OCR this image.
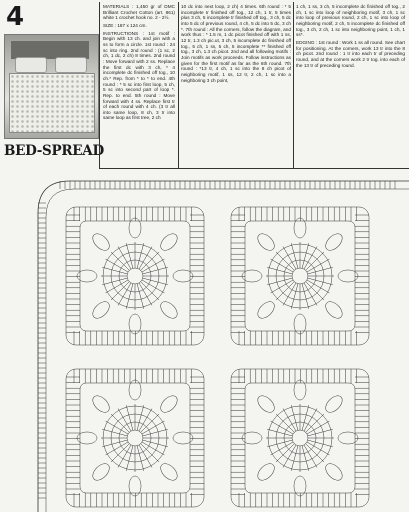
4
BED-SPREAD

MATERIALS : 1,450 gr of DMC Brilliant Crochet Cotton (art. 861) white 1 crochet hook no. 2 - 2½.

SIZE : 187 x 124 cm.

INSTRUCTIONS : 1st motif : Begin with 13 ch. and join with a ss to form a circle. 1st round : 24 sc into ring. 2nd round : (1 sc, 2 ch, 1 dc, 2 ch) 8 times. 2nd round : Move forward with 2 ss. Replace the first dc with 3 ch, * 4 incomplete dc finished off tog., 10 ch.* Rep. from * to * to end. 4th round : * 5 sc into first loop, 5 ch, 5 sc into second part of loop *. Rep. to end. 5th round : Move forward with 4 ss. Replace first tr of each round with 4 ch. (3 tr all into same loop, 8 ch, 3 tr into same loop as first tree, 2 ch

10 dc into next loop, 2 ch) 4 times. 6th round : * 5 incomplete tr finished off tog., 12 ch, 1 tr, 5 times plus 3 ch, 5 incomplete tr finished off tog., 3 ch, 5 dc into 5 dc of previous round, 4 ch, 5 dc into 5 dc, 3 ch *. 7th round : All the corners, follow the diagram, and work thus : * 1.5 m, 1 dc picot finished off with 1 ss, 12 tr, 1.3 ch pic.ut, 3 ch, 5 incomplete dc finished off tog., 5 ch, 1 ss, 5 ch, 5 incomplete ** finished off tog., 3 ch, 1.3 ch picot. 2nd and all following motifs : Join motifs as work proceeds. Follow instructions as given for the first motif as far as the 6th round. 7th round : *13 tr, 4 ch, 1 sc into the 8 ch picot of neighboring motif, 1 ss, 12 tr, 2 ch, 1 sc into a neighboring 3 ch point,

1 ch, 1 ss, 3 ch, 5 incomplete dc finished off tog., 2 ch, 1 sc into loop of neighboring motif, 3 ch, 1 sc into loop of previous round, 2 ch, 1 sc into loop of neighboring motif, 2 ch, 5 incomplete dc finished off tog., 3 ch, 2 ch, 1 sc into neighboring point, 1 ch, 1 ss*.

EDGING : 1st round : Work 1 ss all round. See chart for positioning. At the corners, work 13 tr into the 8 ch picot. 2nd round : 1 tr into each tr of preceding round, and at the corners work 2 tr tog. into each of the 13 tr of preceding round.
